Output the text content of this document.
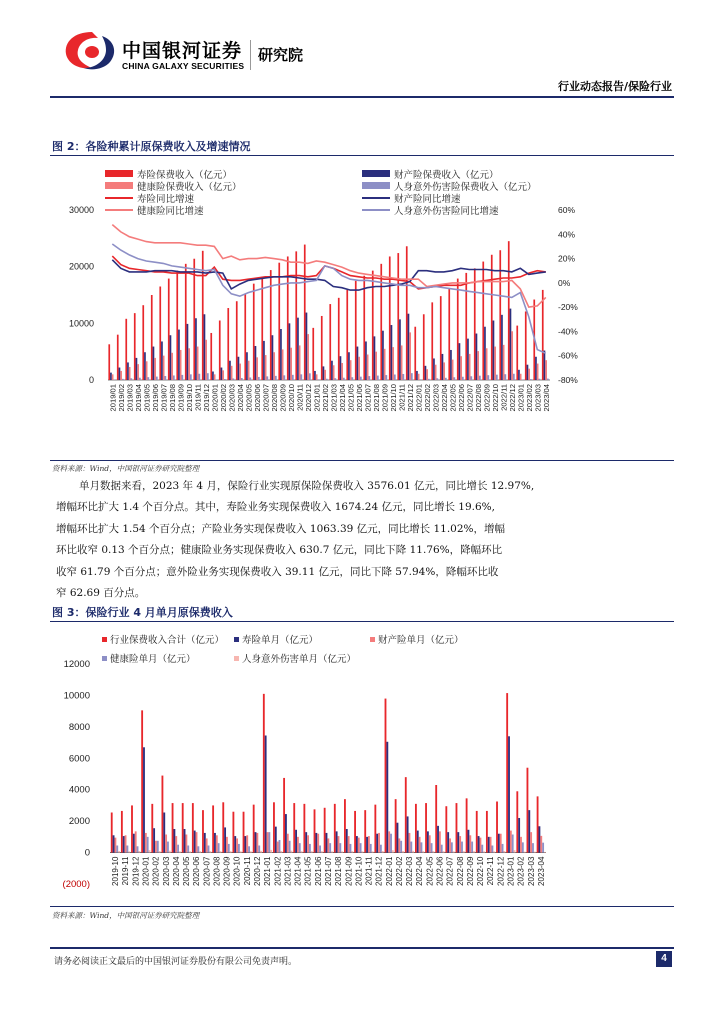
中国银河证券
CHINA GALAXY SECURITIES
研究院
行业动态报告/保险行业
图 2：各险种累计原保费收入及增速情况
寿险保费收入（亿元）
健康险保费收入（亿元）
寿险同比增速
健康险同比增速
财产险保费收入（亿元）
人身意外伤害险保费收入（亿元）
财产险同比增速
人身意外伤害险同比增速
0
10000
20000
30000
-80%
-60%
-40%
-20%
0%
20%
40%
60%
2019/01 2019/02 2019/03 2019/04 2019/05 2019/06 2019/07 2019/08 2019/09 2019/10 2019/11 2019/12 2020/01 2020/02 2020/03 2020/04 2020/05 2020/06 2020/07 2020/08 2020/09 2020/10 2020/11 2020/12 2021/01 2021/02 2021/03 2021/04 2021/05 2021/06 2021/07 2021/08 2021/09 2021/10 2021/11 2021/12 2022/01 2022/02 2022/03 2022/04 2022/05 2022/06 2022/07 2022/08 2022/09 2022/10 2022/11 2022/12 2023/01 2023/02 2023/03 2023/04
资料来源：Wind，中国银河证券研究院整理
单月数据来看，2023 年 4 月，保险行业实现原保险保费收入 3576.01 亿元，同比增长 12.97%,
增幅环比扩大 1.4 个百分点。其中，寿险业务实现保费收入 1674.24 亿元，同比增长 19.6%,
增幅环比扩大 1.54 个百分点；产险业务实现保费收入 1063.39 亿元，同比增长 11.02%，增幅
环比收窄 0.13 个百分点；健康险业务实现保费收入 630.7 亿元，同比下降 11.76%，降幅环比
收窄 61.79 个百分点；意外险业务实现保费收入 39.11 亿元，同比下降 57.94%，降幅环比收
窄 62.69 百分点。
图 3：保险行业 4 月单月原保费收入
行业保费收入合计（亿元） 寿险单月（亿元）	财产险单月（亿元）
健康险单月（亿元）	人身意外伤害单月（亿元）
(2000)
0
2000
4000
6000
8000
10000
12000
2019-10 2019-11 2019-12 2020-01 2020-02 2020-03 2020-04 2020-05 2020-06 2020-07 2020-08 2020-09 2020-10 2020-11 2020-12 2021-01 2021-02 2021-03 2021-04 2021-05 2021-06 2021-07 2021-08 2021-09 2021-10 2021-11 2021-12 2022-01 2022-02 2022-03 2022-04 2022-05 2022-06 2022-07 2022-08 2022-09 2022-10 2022-11 2022-12 2023-01 2023-02 2023-03 2023-04
资料来源：Wind，中国银河证券研究院整理
请务必阅读正文最后的中国银河证券股份有限公司免责声明。	4
